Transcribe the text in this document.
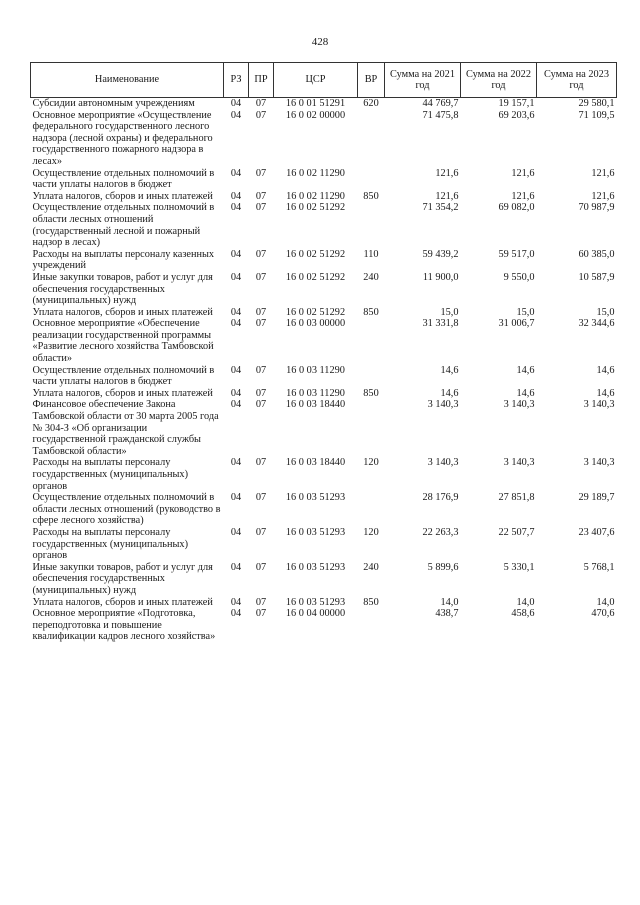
428
Наименование	РЗ	ПР	ЦСР	ВР	Сумма на 2021 год	Сумма на 2022 год	Сумма на 2023 год
Субсидии автономным учреждениям	04	07	16 0 01 51291	620	44 769,7	19 157,1	29 580,1
Основное мероприятие «Осуществление федерального государственного лесного надзора (лесной охраны) и федерального государственного пожарного надзора в лесах»	04	07	16 0 02 00000		71 475,8	69 203,6	71 109,5
Осуществление отдельных полномочий в части уплаты налогов в бюджет	04	07	16 0 02 11290		121,6	121,6	121,6
Уплата налогов, сборов и иных платежей	04	07	16 0 02 11290	850	121,6	121,6	121,6
Осуществление отдельных полномочий в области лесных отношений (государственный лесной и пожарный надзор в лесах)	04	07	16 0 02 51292		71 354,2	69 082,0	70 987,9
Расходы на выплаты персоналу казенных учреждений	04	07	16 0 02 51292	110	59 439,2	59 517,0	60 385,0
Иные закупки товаров, работ и услуг для обеспечения государственных (муниципальных) нужд	04	07	16 0 02 51292	240	11 900,0	9 550,0	10 587,9
Уплата налогов, сборов и иных платежей	04	07	16 0 02 51292	850	15,0	15,0	15,0
Основное мероприятие «Обеспечение реализации государственной программы «Развитие лесного хозяйства Тамбовской области»	04	07	16 0 03 00000		31 331,8	31 006,7	32 344,6
Осуществление отдельных полномочий в части уплаты налогов в бюджет	04	07	16 0 03 11290		14,6	14,6	14,6
Уплата налогов, сборов и иных платежей	04	07	16 0 03 11290	850	14,6	14,6	14,6
Финансовое обеспечение Закона Тамбовской области от 30 марта 2005 года № 304-З «Об организации государственной гражданской службы Тамбовской области»	04	07	16 0 03 18440		3 140,3	3 140,3	3 140,3
Расходы на выплаты персоналу государственных (муниципальных) органов	04	07	16 0 03 18440	120	3 140,3	3 140,3	3 140,3
Осуществление отдельных полномочий в области лесных отношений (руководство в сфере лесного хозяйства)	04	07	16 0 03 51293		28 176,9	27 851,8	29 189,7
Расходы на выплаты персоналу государственных (муниципальных) органов	04	07	16 0 03 51293	120	22 263,3	22 507,7	23 407,6
Иные закупки товаров, работ и услуг для обеспечения государственных (муниципальных) нужд	04	07	16 0 03 51293	240	5 899,6	5 330,1	5 768,1
Уплата налогов, сборов и иных платежей	04	07	16 0 03 51293	850	14,0	14,0	14,0
Основное мероприятие «Подготовка, переподготовка и повышение квалификации кадров лесного хозяйства»	04	07	16 0 04 00000		438,7	458,6	470,6
